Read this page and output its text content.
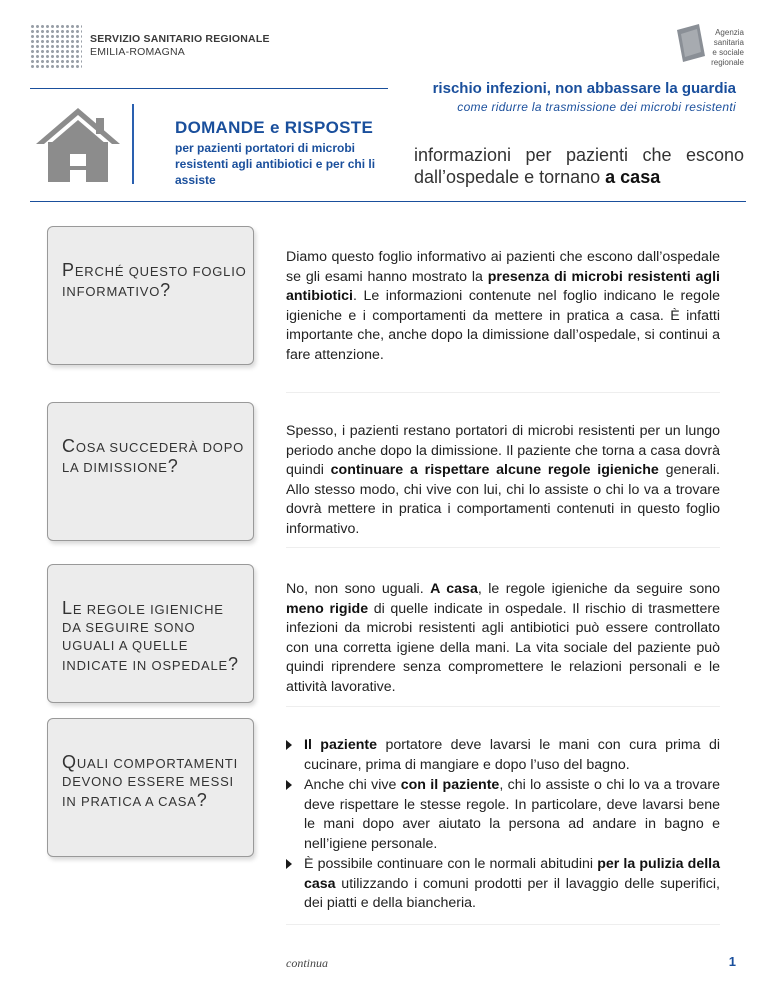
SERVIZIO SANITARIO REGIONALE
EMILIA-ROMAGNA
Agenzia
sanitaria
e sociale
regionale
rischio infezioni, non abbassare la guardia
come ridurre la trasmissione dei microbi resistenti
DOMANDE e RISPOSTE
per pazienti portatori di microbi resistenti agli antibiotici e per chi li assiste
informazioni per pazienti che escono dall’ospedale e tornano a casa
PERCHÉ QUESTO FOGLIO INFORMATIVO?
Diamo questo foglio informativo ai pazienti che escono dall’ospedale se gli esami hanno mostrato la presenza di microbi resistenti agli antibiotici. Le informazioni contenute nel foglio indicano le regole igieniche e i comportamenti da mettere in pratica a casa. È infatti importante che, anche dopo la dimissione dall’ospedale, si continui a fare attenzione.
COSA SUCCEDERÀ DOPO LA DIMISSIONE?
Spesso, i pazienti restano portatori di microbi resistenti per un lungo periodo anche dopo la dimissione. Il paziente che torna a casa dovrà quindi continuare a rispettare alcune regole igieniche generali. Allo stesso modo, chi vive con lui, chi lo assiste o chi lo va a trovare dovrà mettere in pratica i comportamenti contenuti in questo foglio informativo.
LE REGOLE IGIENICHE DA SEGUIRE SONO UGUALI A QUELLE INDICATE IN OSPEDALE?
No, non sono uguali. A casa, le regole igieniche da seguire sono meno rigide di quelle indicate in ospedale. Il rischio di trasmettere infezioni da microbi resistenti agli antibiotici può essere controllato con una corretta igiene della mani. La vita sociale del paziente può quindi riprendere senza compromettere le relazioni personali e le attività lavorative.
QUALI COMPORTAMENTI DEVONO ESSERE MESSI IN PRATICA A CASA?
Il paziente portatore deve lavarsi le mani con cura prima di cucinare, prima di mangiare e dopo l’uso del bagno.
Anche chi vive con il paziente, chi lo assiste o chi lo va a trovare deve rispettare le stesse regole. In particolare, deve lavarsi bene le mani dopo aver aiutato la persona ad andare in bagno e nell’igiene personale.
È possibile continuare con le normali abitudini per la pulizia della casa utilizzando i comuni prodotti per il lavaggio delle superifici, dei piatti e della biancheria.
continua	1
